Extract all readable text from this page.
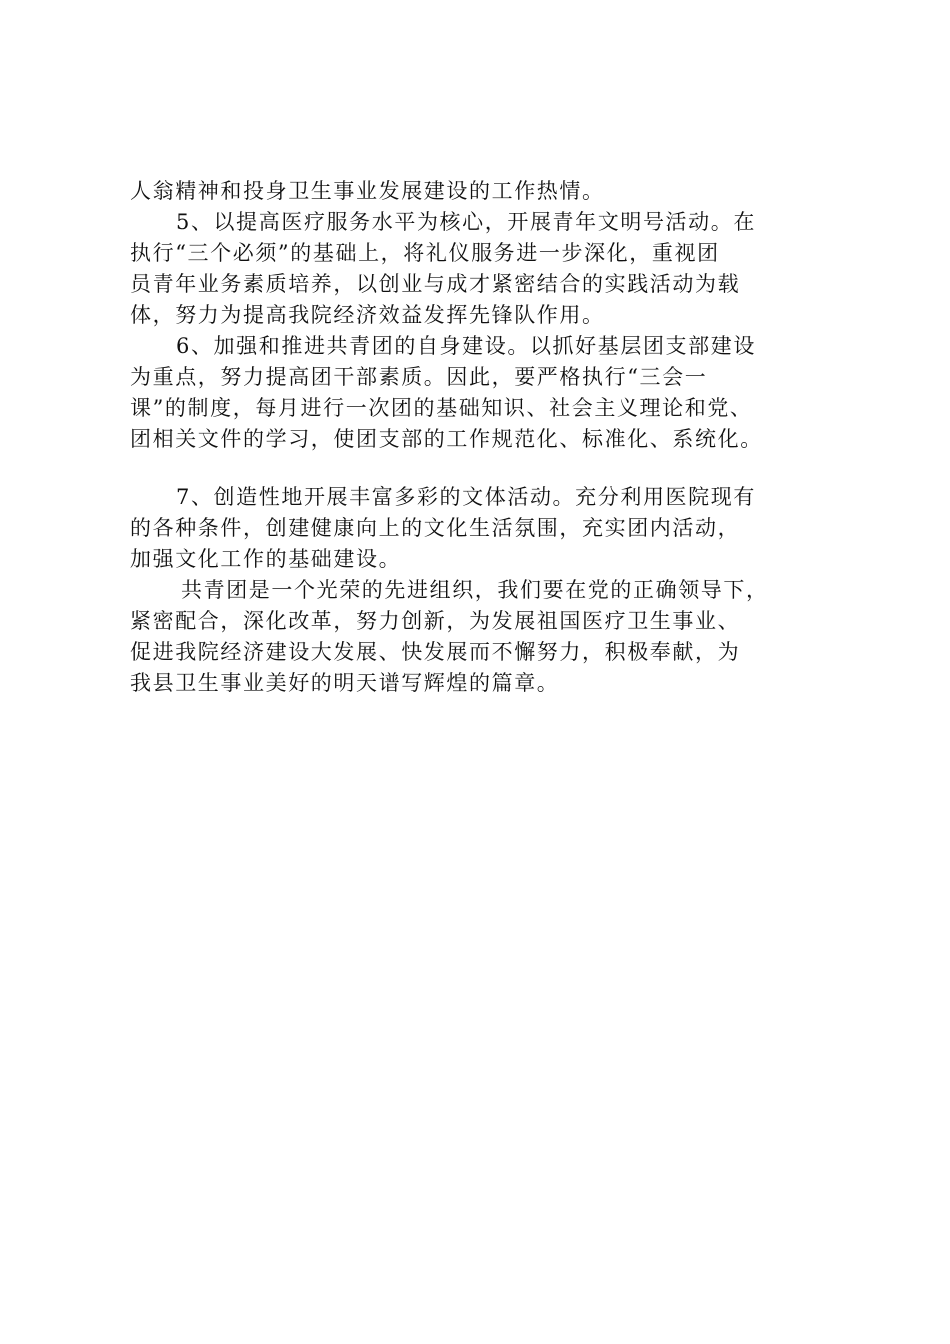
人翁精神和投身卫生事业发展建设的工作热情。
5、以提高医疗服务水平为核心，开展青年文明号活动。在
执行“三个必须”的基础上，将礼仪服务进一步深化，重视团
员青年业务素质培养，以创业与成才紧密结合的实践活动为载
体，努力为提高我院经济效益发挥先锋队作用。
6、加强和推进共青团的自身建设。以抓好基层团支部建设
为重点，努力提高团干部素质。因此，要严格执行“三会一
课”的制度，每月进行一次团的基础知识、社会主义理论和党、
团相关文件的学习，使团支部的工作规范化、标准化、系统化。
7、创造性地开展丰富多彩的文体活动。充分利用医院现有
的各种条件，创建健康向上的文化生活氛围，充实团内活动，
加强文化工作的基础建设。
共青团是一个光荣的先进组织，我们要在党的正确领导下，
紧密配合，深化改革，努力创新，为发展祖国医疗卫生事业、
促进我院经济建设大发展、快发展而不懈努力，积极奉献，为
我县卫生事业美好的明天谱写辉煌的篇章。
